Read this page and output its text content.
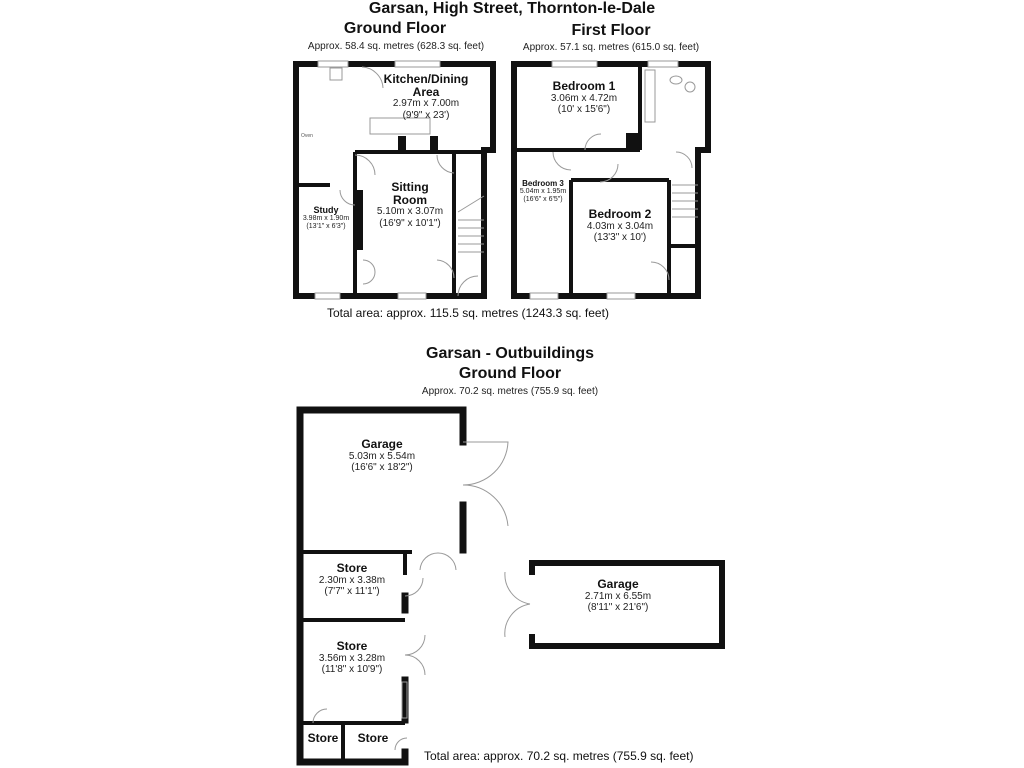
Garsan, High Street, Thornton-le-Dale
Ground Floor
Approx. 58.4 sq. metres (628.3 sq. feet)
First Floor
Approx. 57.1 sq. metres (615.0 sq. feet)
Kitchen/Dining
Area
2.97m x 7.00m
(9'9" x 23')
Sitting
Room
5.10m x 3.07m
(16'9" x 10'1")
Study
3.98m x 1.90m
(13'1" x 6'3")
Oven
Bedroom 1
3.06m x 4.72m
(10' x 15'6")
Bedroom 2
4.03m x 3.04m
(13'3" x 10')
Bedroom 3
5.04m x 1.95m
(16'6" x 6'5")
Total area: approx. 115.5 sq. metres (1243.3 sq. feet)
Garsan - Outbuildings
Ground Floor
Approx. 70.2 sq. metres (755.9 sq. feet)
Garage
5.03m x 5.54m
(16'6" x 18'2")
Store
2.30m x 3.38m
(7'7" x 11'1")
Store
3.56m x 3.28m
(11'8" x 10'9")
Store Store
Garage
2.71m x 6.55m
(8'11" x 21'6")
Total area: approx. 70.2 sq. metres (755.9 sq. feet)
